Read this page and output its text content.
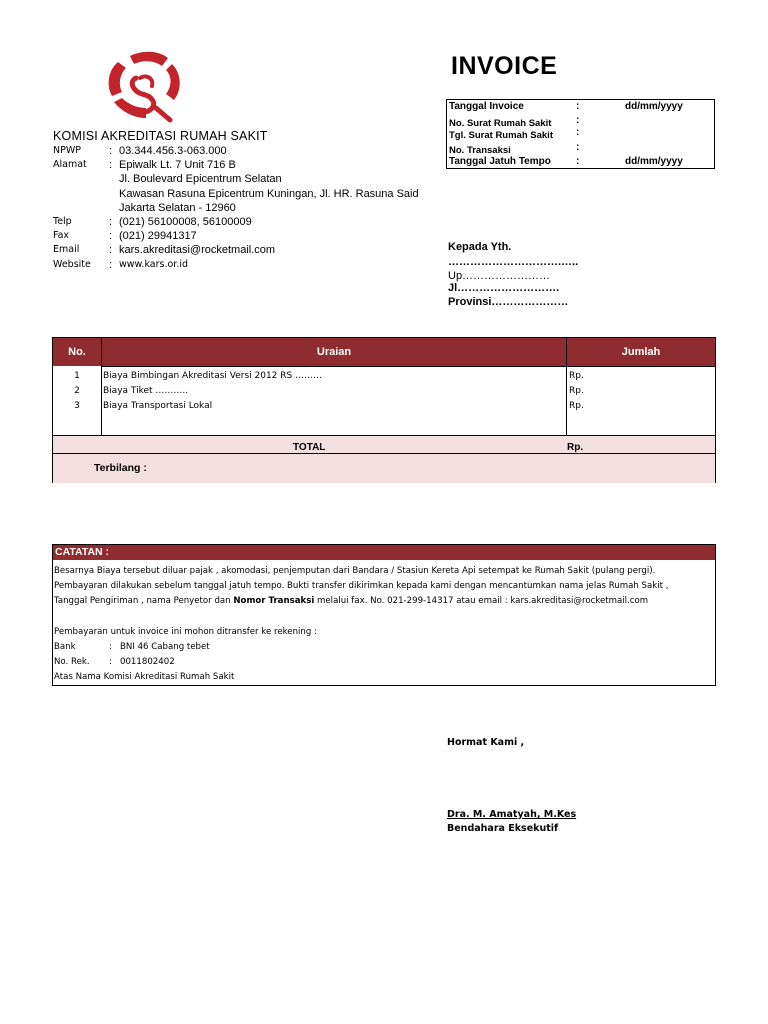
KOMISI AKREDITASI RUMAH SAKIT
NPWP	: 03.344.456.3-063.000
Alamat : Epiwalk Lt. 7 Unit 716 B
Jl. Boulevard Epicentrum Selatan
Kawasan Rasuna Epicentrum Kuningan, Jl. HR. Rasuna Said
Jakarta Selatan - 12960
Telp	: (021) 56100008, 56100009
Fax	: (021) 29941317
Email	: kars.akreditasi@rocketmail.com
Website : www.kars.or.id
INVOICE
Tanggal Invoice	:	dd/mm/yyyy
No. Surat Rumah Sakit :
Tgl. Surat Rumah Sakit :
No. Transaksi	:
Tanggal Jatuh Tempo	:	dd/mm/yyyy
Kepada Yth.
………………………….…..
Up……………………
Jl……………………….
Provinsi…………………
No.	Uraian	Jumlah
1	Biaya Bimbingan Akreditasi Versi 2012 RS ………	Rp.
2	Biaya Tiket ………..	Rp.
3	Biaya Transportasi Lokal	Rp.
TOTAL	Rp.
Terbilang :
CATATAN :
Besarnya Biaya tersebut diluar pajak , akomodasi, penjemputan dari Bandara / Stasiun Kereta Api setempat ke Rumah Sakit (pulang pergi).
Pembayaran dilakukan sebelum tanggal jatuh tempo. Bukti transfer dikirimkan kepada kami dengan mencantumkan nama jelas Rumah Sakit ,
Tanggal Pengiriman , nama Penyetor dan Nomor Transaksi melalui fax. No. 021-299-14317 atau email : kars.akreditasi@rocketmail.com
Pembayaran untuk invoice ini mohon ditransfer ke rekening :
Bank	: BNI 46 Cabang tebet
No. Rek. : 0011802402
Atas Nama Komisi Akreditasi Rumah Sakit
Hormat Kami ,
Dra. M. Amatyah, M.Kes
Bendahara Eksekutif
